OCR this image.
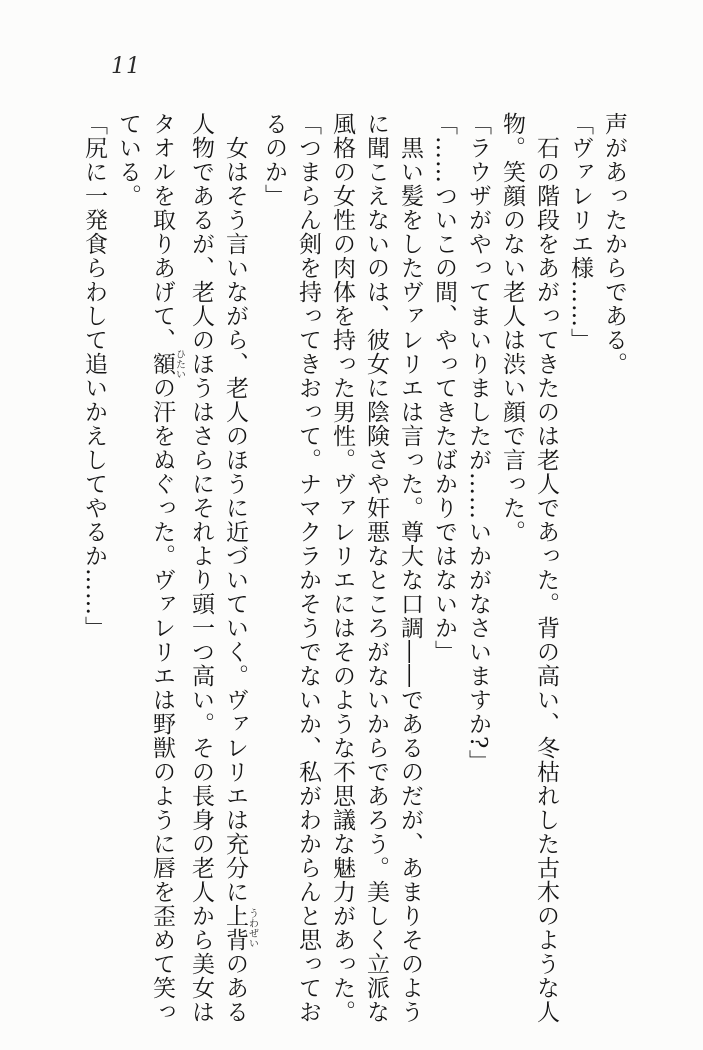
11
声があったからである。
「ヴァレリエ様……」
石の階段をあがってきたのは老人であった。背の高い、冬枯れした古木のような人
物。笑顔のない老人は渋い顔で言った。
「ラウザがやってまいりましたが……いかがなさいますか?」
「……ついこの間、やってきたばかりではないか」
黒い髪をしたヴァレリエは言った。尊大な口調――であるのだが、あまりそのよう
に聞こえないのは、彼女に陰険さや奸悪なところがないからであろう。美しく立派な
風格の女性の肉体を持った男性。ヴァレリエにはそのような不思議な魅力があった。
「つまらん剣を持ってきおって。ナマクラかそうでないか、私がわからんと思ってお
るのか」
女はそう言いながら、老人のほうに近づいていく。ヴァレリエは充分に上背うわぜいのある
人物であるが、老人のほうはさらにそれより頭一つ高い。その長身の老人から美女は
タオルを取りあげて、額ひたいの汗をぬぐった。ヴァレリエは野獣のように唇を歪めて笑っ
ている。
「尻に一発食らわして追いかえしてやるか……」
